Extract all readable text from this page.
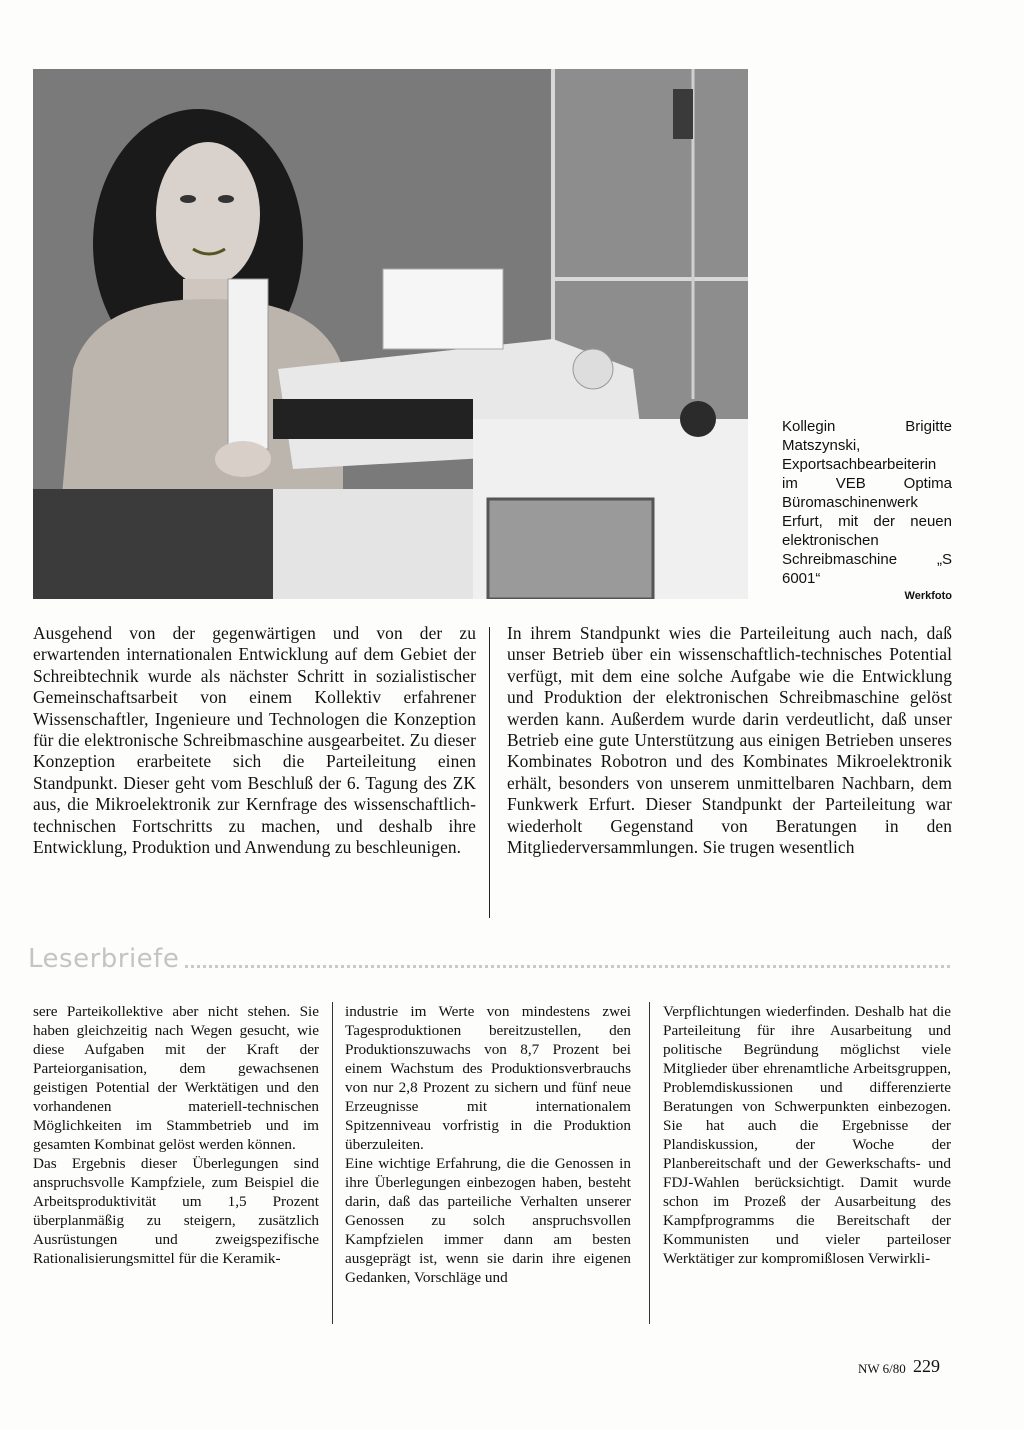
Kollegin Brigitte Matszynski, Exportsachbearbeiterin im VEB Optima Büromaschinenwerk Erfurt, mit der neuen elektronischen Schreibmaschine „S 6001“
Werkfoto

Ausgehend von der gegenwärtigen und von der zu erwartenden internationalen Entwicklung auf dem Gebiet der Schreibtechnik wurde als nächster Schritt in sozialistischer Gemeinschaftsarbeit von einem Kollektiv erfahrener Wissenschaftler, Ingenieure und Technologen die Konzeption für die elektronische Schreibmaschine ausgearbeitet. Zu dieser Konzeption erarbeitete sich die Parteileitung einen Standpunkt. Dieser geht vom Beschluß der 6. Tagung des ZK aus, die Mikroelektronik zur Kernfrage des wissenschaftlich-technischen Fortschritts zu machen, und deshalb ihre Entwicklung, Produktion und Anwendung zu beschleunigen.

In ihrem Standpunkt wies die Parteileitung auch nach, daß unser Betrieb über ein wissenschaftlich-technisches Potential verfügt, mit dem eine solche Aufgabe wie die Entwicklung und Produktion der elektronischen Schreibmaschine gelöst werden kann. Außerdem wurde darin verdeutlicht, daß unser Betrieb eine gute Unterstützung aus einigen Betrieben unseres Kombinates Robotron und des Kombinates Mikroelektronik erhält, besonders von unserem unmittelbaren Nachbarn, dem Funkwerk Erfurt. Dieser Standpunkt der Parteileitung war wiederholt Gegenstand von Beratungen in den Mitgliederversammlungen. Sie trugen wesentlich

Leserbriefe

sere Parteikollektive aber nicht stehen. Sie haben gleichzeitig nach Wegen gesucht, wie diese Aufgaben mit der Kraft der Parteiorganisation, dem gewachsenen geistigen Potential der Werktätigen und den vorhandenen materiell-technischen Möglichkeiten im Stammbetrieb und im gesamten Kombinat gelöst werden können.

Das Ergebnis dieser Überlegungen sind anspruchsvolle Kampfziele, zum Beispiel die Arbeitsproduktivität um 1,5 Prozent überplanmäßig zu steigern, zusätzlich Ausrüstungen und zweigspezifische Rationalisierungsmittel für die Keramik-

industrie im Werte von mindestens zwei Tagesproduktionen bereitzustellen, den Produktionszuwachs von 8,7 Prozent bei einem Wachstum des Produktionsverbrauchs von nur 2,8 Prozent zu sichern und fünf neue Erzeugnisse mit internationalem Spitzenniveau vorfristig in die Produktion überzuleiten.

Eine wichtige Erfahrung, die die Genossen in ihre Überlegungen einbezogen haben, besteht darin, daß das parteiliche Verhalten unserer Genossen zu solch anspruchsvollen Kampfzielen immer dann am besten ausgeprägt ist, wenn sie darin ihre eigenen Gedanken, Vorschläge und

Verpflichtungen wiederfinden. Deshalb hat die Parteileitung für ihre Ausarbeitung und politische Begründung möglichst viele Mitglieder über ehrenamtliche Arbeitsgruppen, Problemdiskussionen und differenzierte Beratungen von Schwerpunkten einbezogen. Sie hat auch die Ergebnisse der Plandiskussion, der Woche der Planbereitschaft und der Gewerkschafts- und FDJ-Wahlen berücksichtigt. Damit wurde schon im Prozeß der Ausarbeitung des Kampfprogramms die Bereitschaft der Kommunisten und vieler parteiloser Werktätiger zur kompromißlosen Verwirkli-

NW 6/80 229
